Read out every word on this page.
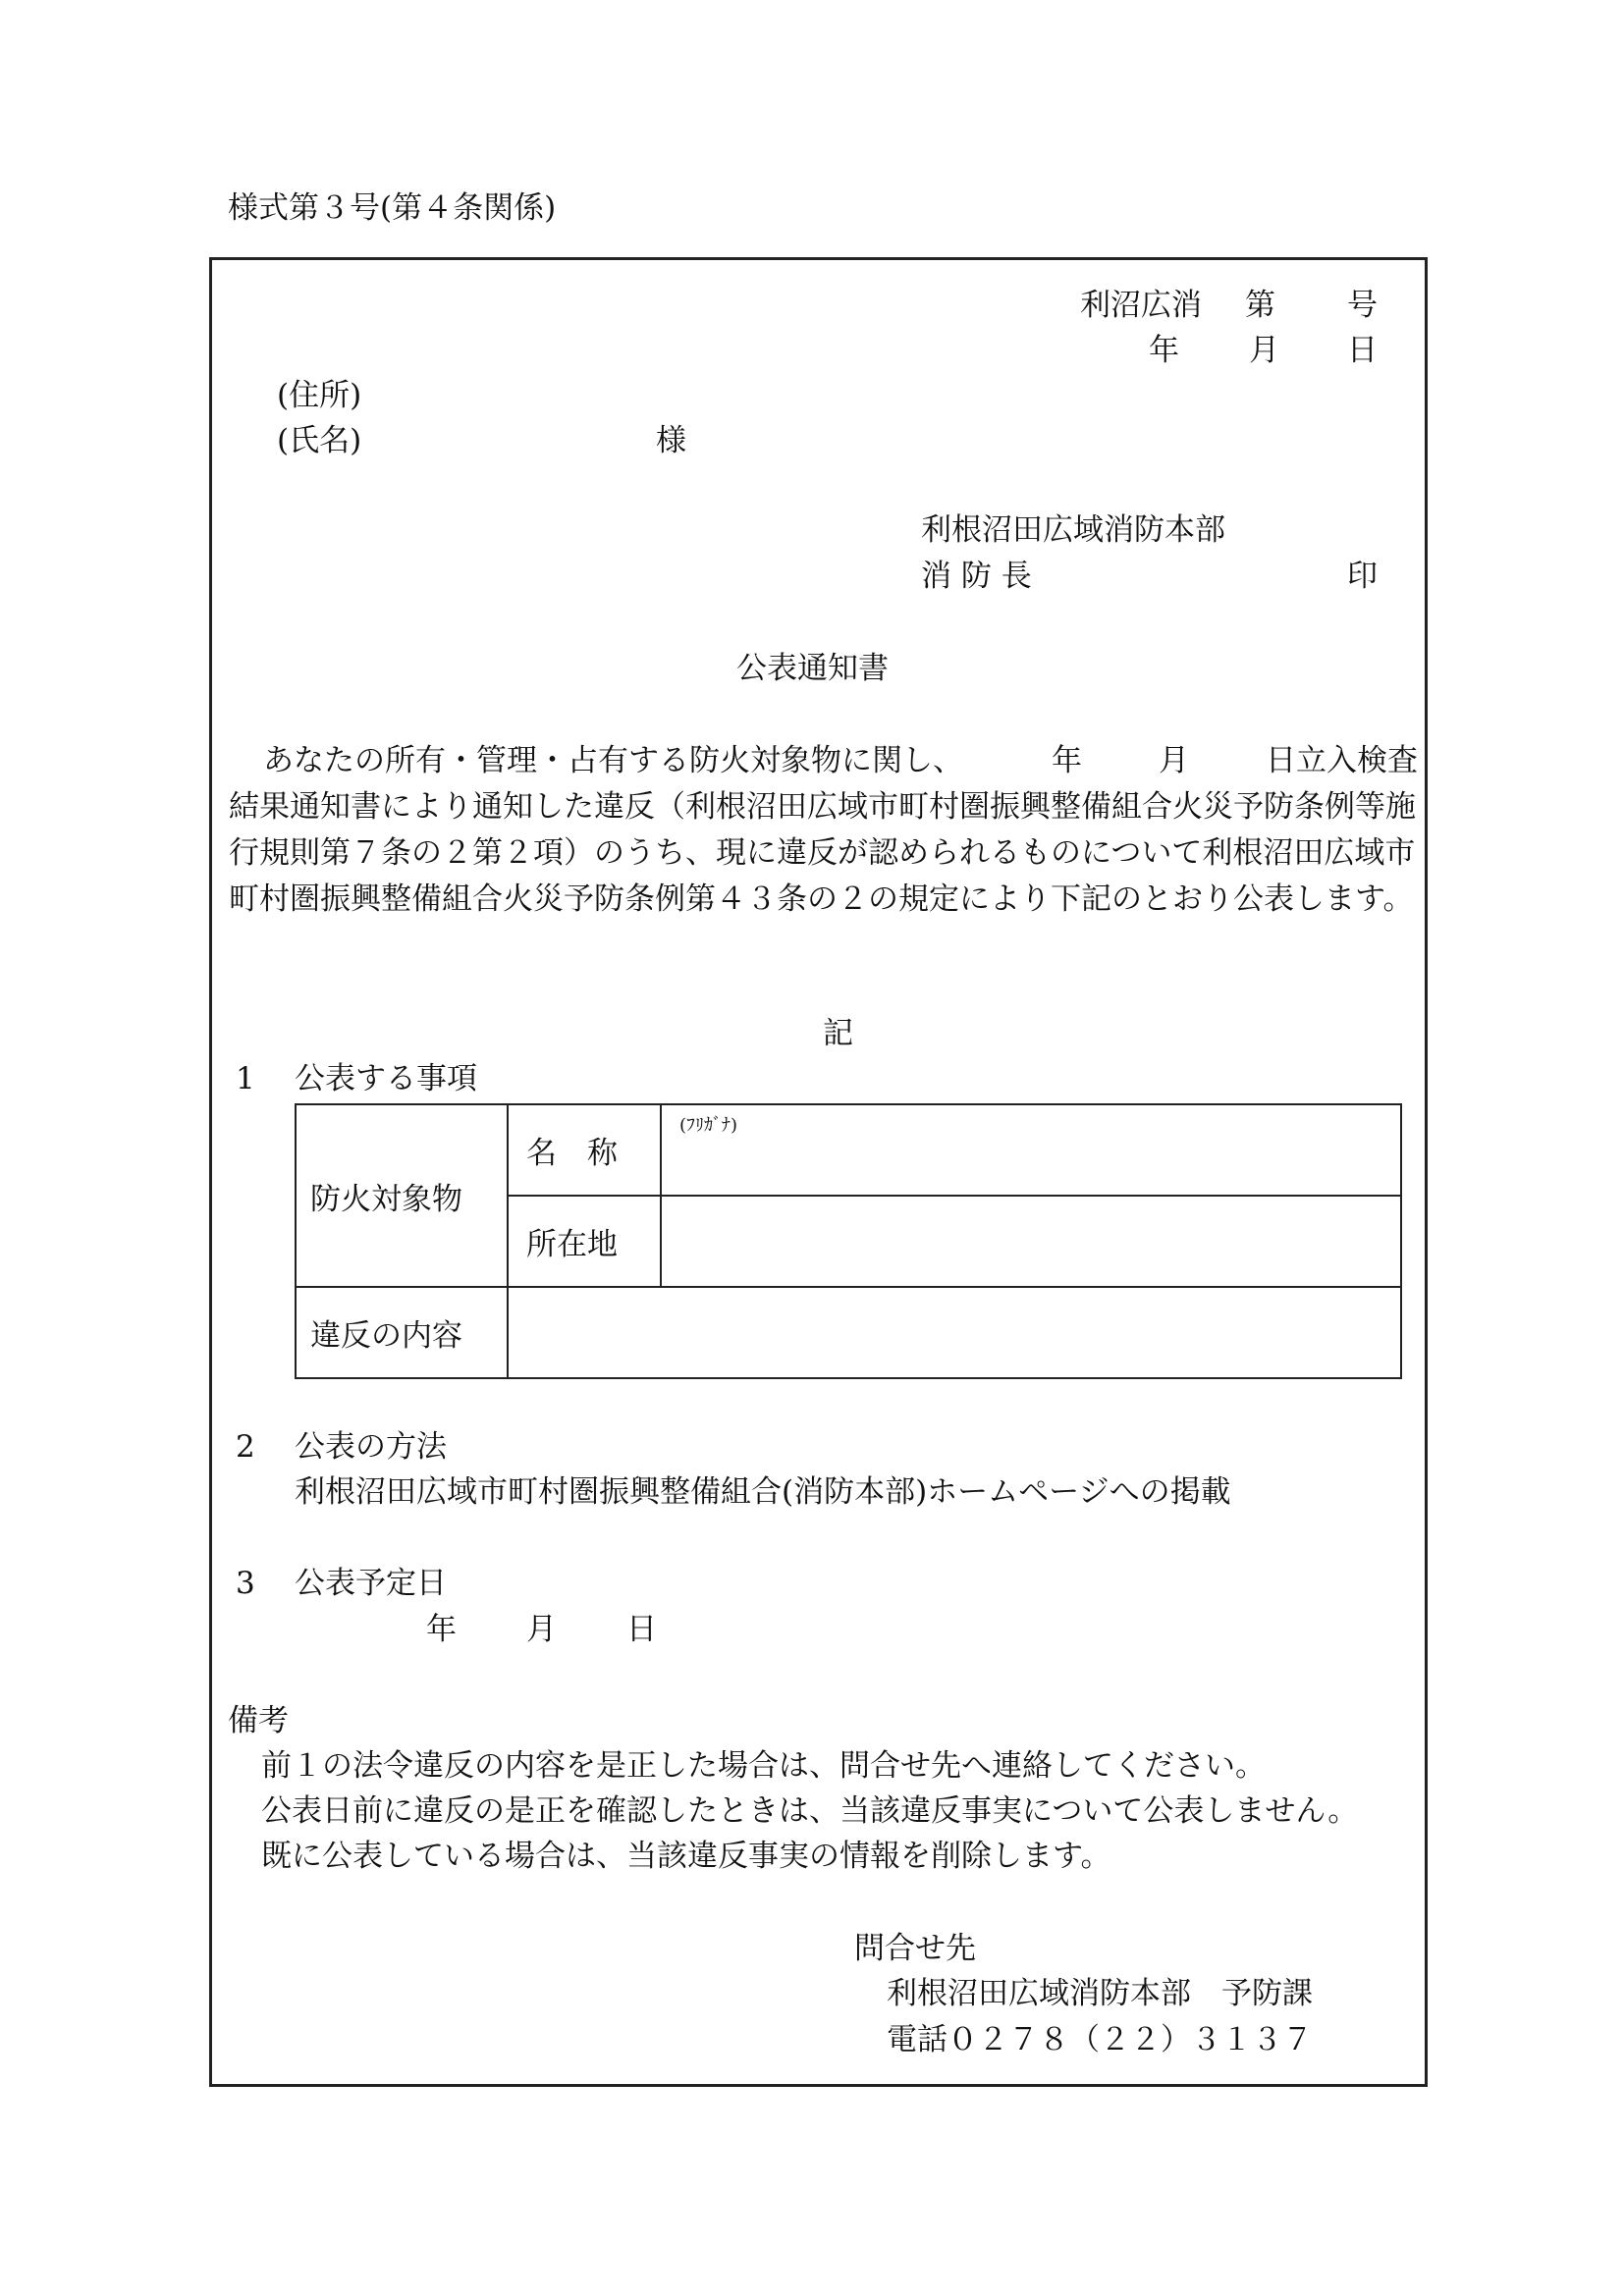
様式第３号(第４条関係)
利沼広消 第 号
年 月 日
(住所)
(氏名)	様
利根沼田広域消防本部
消 防 長	印
公表通知書
あなたの所有・管理・占有する防火対象物に関し、	年	月	日立入検査結果通知書により通知した違反（利根沼田広域市町村圏振興整備組合火災予防条例等施行規則第７条の２第２項）のうち、現に違反が認められるものについて利根沼田広域市町村圏振興整備組合火災予防条例第４３条の２の規定により下記のとおり公表します。
記
1 公表する事項
防火対象物	名　称	(ﾌﾘｶﾞﾅ)

	所在地	
違反の内容		
2 公表の方法
利根沼田広域市町村圏振興整備組合(消防本部)ホームページへの掲載
3 公表予定日
年 月 日
備考
前１の法令違反の内容を是正した場合は、問合せ先へ連絡してください。
公表日前に違反の是正を確認したときは、当該違反事実について公表しません。
既に公表している場合は、当該違反事実の情報を削除します。
問合せ先
利根沼田広域消防本部　予防課
電話０２７８（２２）３１３７
